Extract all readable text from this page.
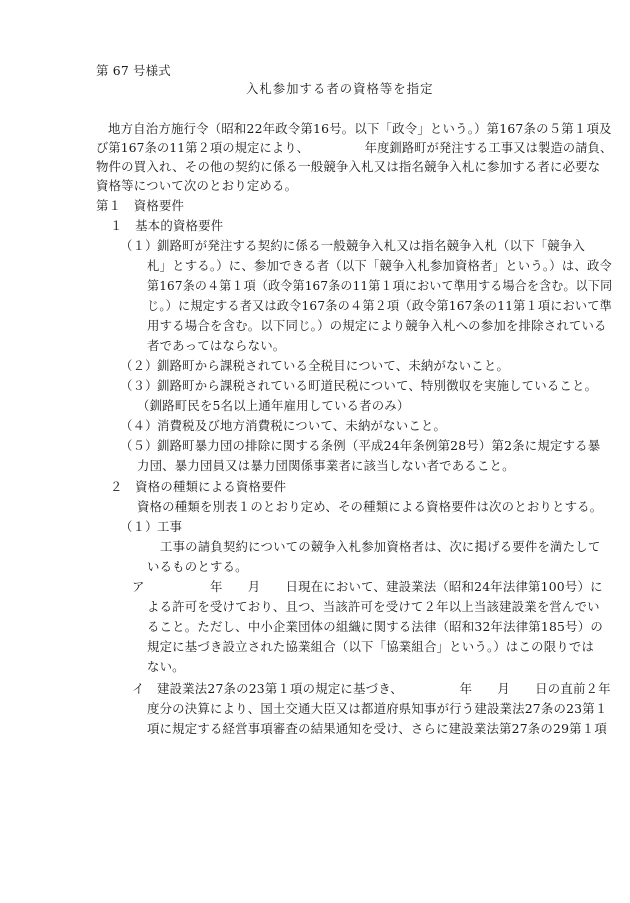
第 67 号様式
入札参加する者の資格等を指定
地方自治方施行令（昭和22年政令第16号。以下「政令」という。）第167条の５第１項及
び第167条の11第２項の規定により、　　　　　年度釧路町が発注する工事又は製造の請負、
物件の買入れ、その他の契約に係る一般競争入札又は指名競争入札に参加する者に必要な
資格等について次のとおり定める。
第１　資格要件
１　基本的資格要件
（１） 釧路町が発注する契約に係る一般競争入札又は指名競争入札（以下「競争入
札」とする。）に、参加できる者（以下「競争入札参加資格者」という。）は、政令
第167条の４第１項（政令第167条の11第１項において準用する場合を含む。以下同
じ。）に規定する者又は政令167条の４第２項（政令第167条の11第１項において準
用する場合を含む。以下同じ。）の規定により競争入札への参加を排除されている
者であってはならない。
（２） 釧路町から課税されている全税目について、未納がないこと。
（３） 釧路町から課税されている町道民税について、特別徴収を実施していること。
（釧路町民を5名以上通年雇用している者のみ）
（４） 消費税及び地方消費税について、未納がないこと。
（５） 釧路町暴力団の排除に関する条例（平成24年条例第28号）第2条に規定する暴
力団、暴力団員又は暴力団関係事業者に該当しない者であること。
２　資格の種類による資格要件
資格の種類を別表１のとおり定め、その種類による資格要件は次のとおりとする。
（１） 工事
工事の請負契約についての競争入札参加資格者は、次に掲げる要件を満たして
いるものとする。
ア 　　　　　年　　月　　日現在において、建設業法（昭和24年法律第100号）に
よる許可を受けており、且つ、当該許可を受けて２年以上当該建設業を営んでい
ること。ただし、中小企業団体の組織に関する法律（昭和32年法律第185号）の
規定に基づき設立された協業組合（以下「協業組合」という。）はこの限りでは
ない。
イ 建設業法27条の23第１項の規定に基づき、　　　　　年　　月　　日の直前２年
度分の決算により、国土交通大臣又は都道府県知事が行う建設業法27条の23第１
項に規定する経営事項審査の結果通知を受け、さらに建設業法第27条の29第１項
